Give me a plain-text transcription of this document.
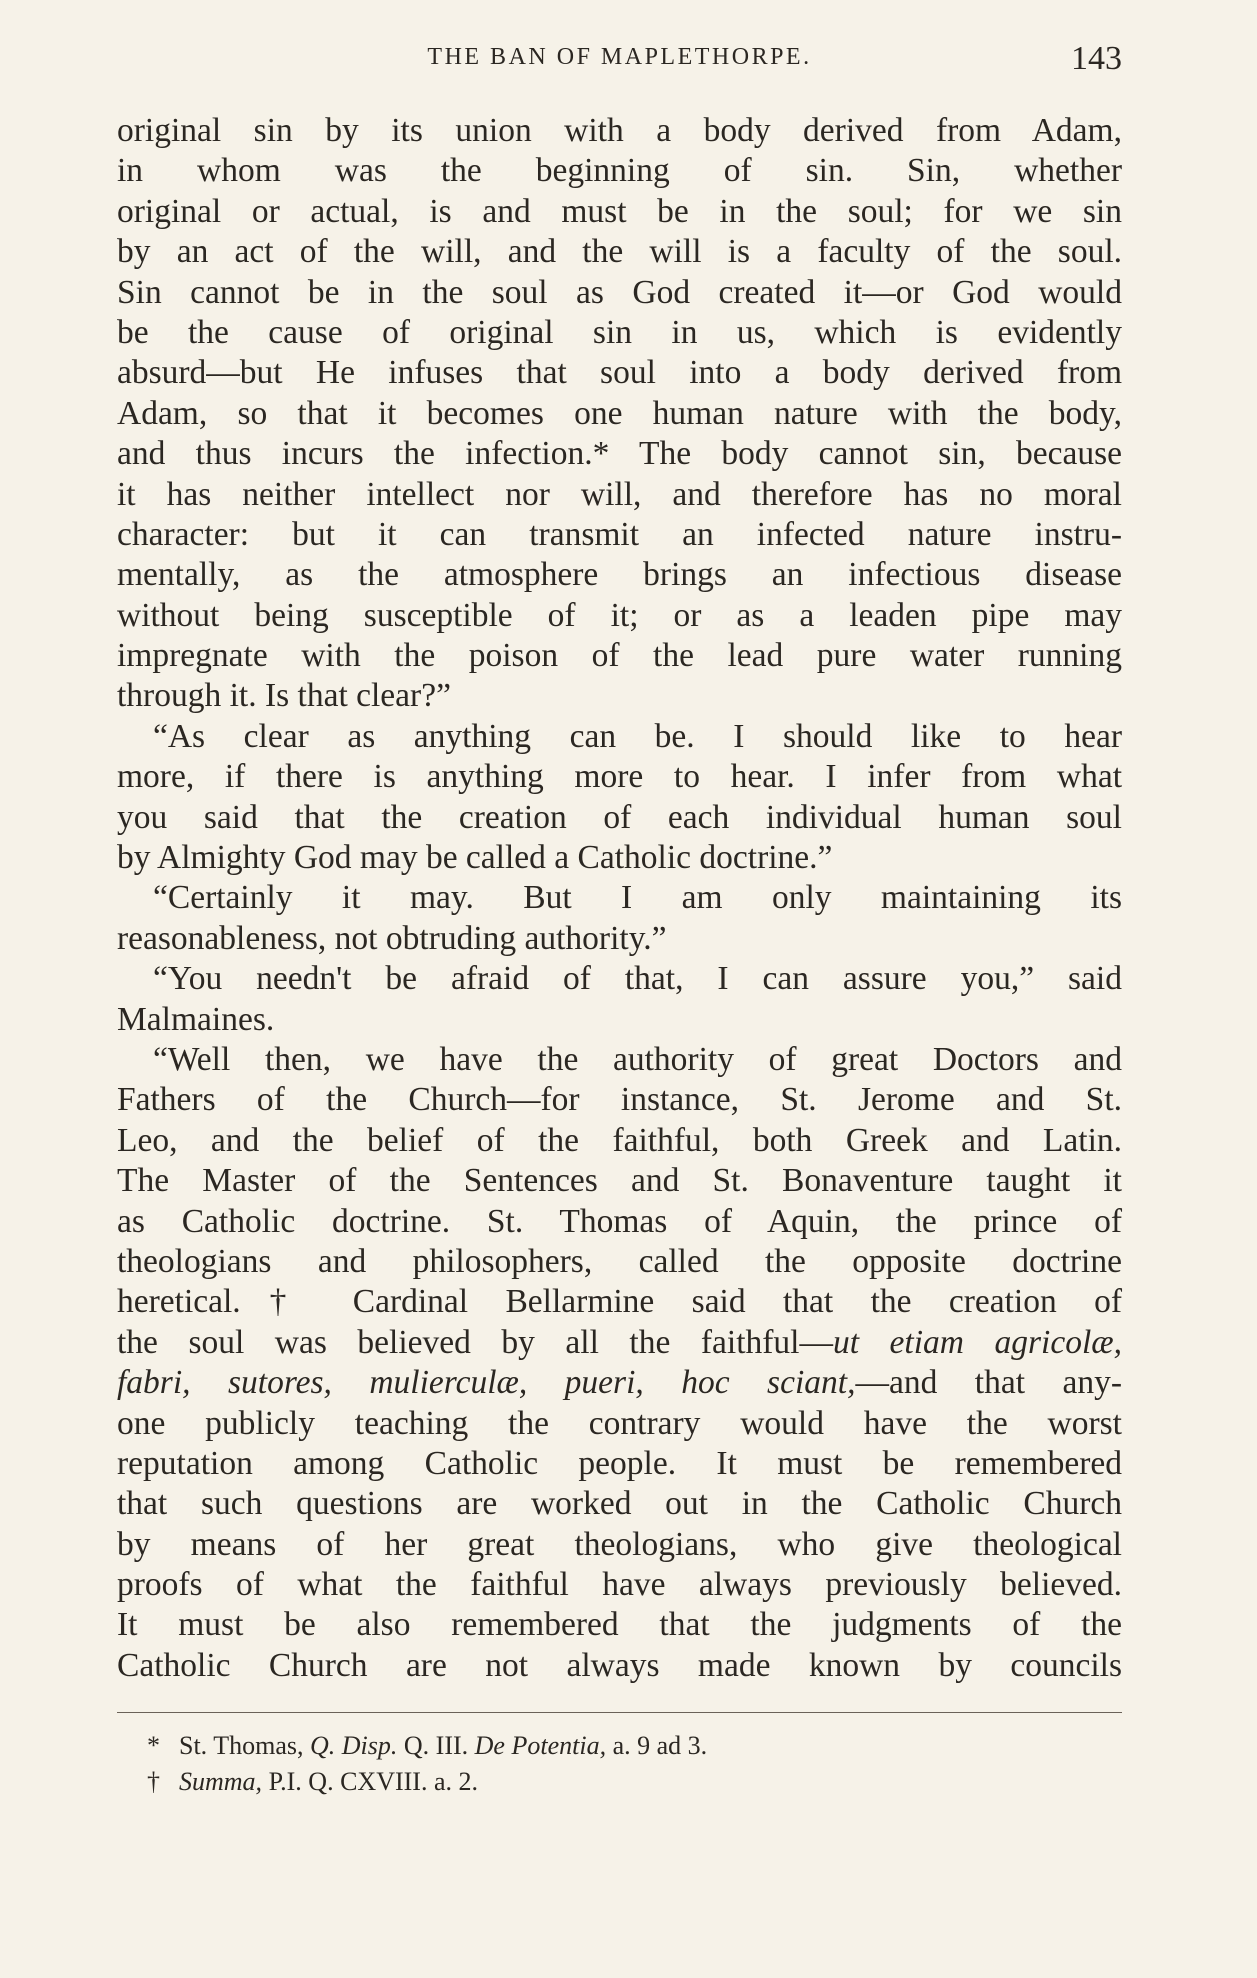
THE BAN OF MAPLETHORPE.	143
original sin by its union with a body derived from Adam,
in whom was the beginning of sin. Sin, whether
original or actual, is and must be in the soul; for we sin
by an act of the will, and the will is a faculty of the soul.
Sin cannot be in the soul as God created it—or God would
be the cause of original sin in us, which is evidently
absurd—but He infuses that soul into a body derived from
Adam, so that it becomes one human nature with the body,
and thus incurs the infection.* The body cannot sin, because
it has neither intellect nor will, and therefore has no moral
character: but it can transmit an infected nature instru-
mentally, as the atmosphere brings an infectious disease
without being susceptible of it; or as a leaden pipe may
impregnate with the poison of the lead pure water running
through it. Is that clear?”
“As clear as anything can be. I should like to hear
more, if there is anything more to hear. I infer from what
you said that the creation of each individual human soul
by Almighty God may be called a Catholic doctrine.”
“Certainly it may. But I am only maintaining its
reasonableness, not obtruding authority.”
“You needn't be afraid of that, I can assure you,” said
Malmaines.
“Well then, we have the authority of great Doctors and
Fathers of the Church—for instance, St. Jerome and St.
Leo, and the belief of the faithful, both Greek and Latin.
The Master of the Sentences and St. Bonaventure taught it
as Catholic doctrine. St. Thomas of Aquin, the prince of
theologians and philosophers, called the opposite doctrine
heretical.† Cardinal Bellarmine said that the creation of
the soul was believed by all the faithful—ut etiam agricolæ,
fabri, sutores, mulierculæ, pueri, hoc sciant,—and that any-
one publicly teaching the contrary would have the worst
reputation among Catholic people. It must be remembered
that such questions are worked out in the Catholic Church
by means of her great theologians, who give theological
proofs of what the faithful have always previously believed.
It must be also remembered that the judgments of the
Catholic Church are not always made known by councils
* St. Thomas, Q. Disp. Q. III. De Potentia, a. 9 ad 3.
† Summa, P.I. Q. CXVIII. a. 2.
